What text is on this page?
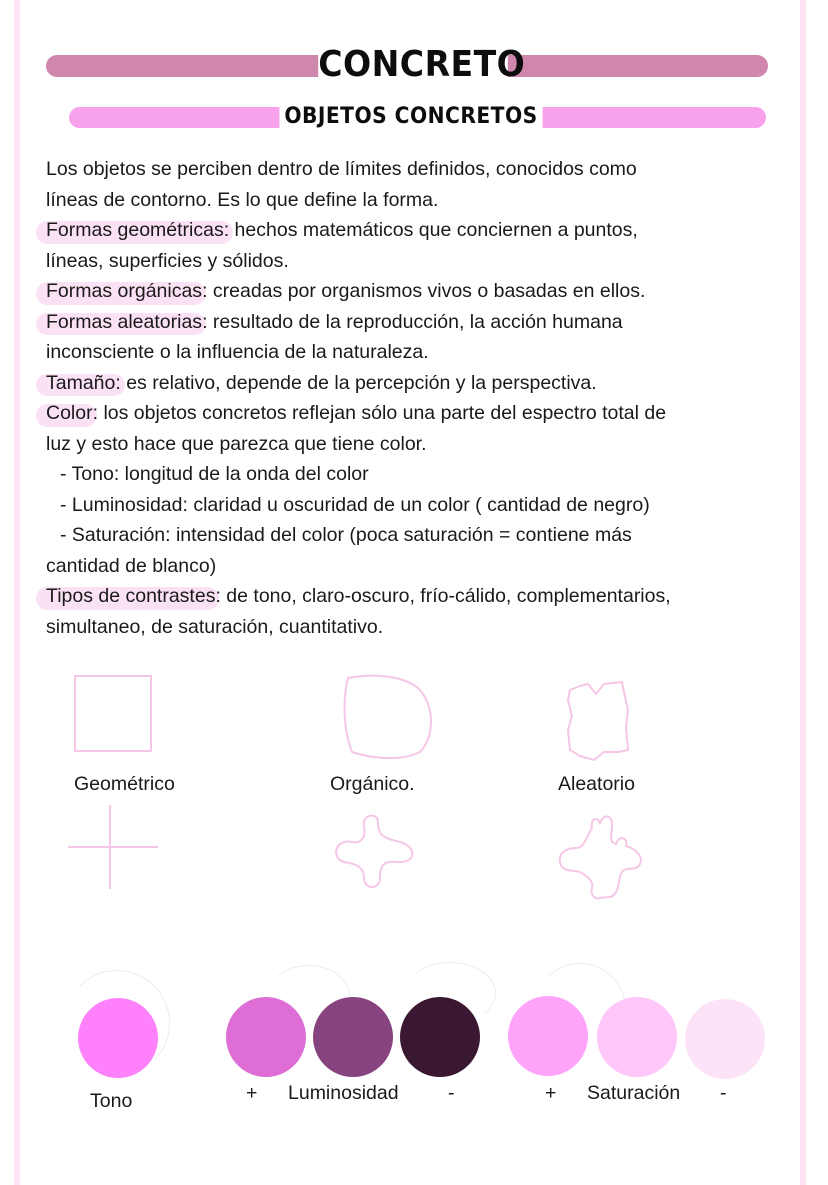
CONCRETO
OBJETOS CONCRETOS

Los objetos se perciben dentro de límites definidos, conocidos como

líneas de contorno. Es lo que define la forma.

Formas geométricas: hechos matemáticos que conciernen a puntos,

líneas, superficies y sólidos.

Formas orgánicas: creadas por organismos vivos o basadas en ellos.

Formas aleatorias: resultado de la reproducción, la acción humana

inconsciente o la influencia de la naturaleza.

Tamaño: es relativo, depende de la percepción y la perspectiva.

Color: los objetos concretos reflejan sólo una parte del espectro total de

luz y esto hace que parezca que tiene color.

- Tono: longitud de la onda del color

- Luminosidad: claridad u oscuridad de un color ( cantidad de negro)

- Saturación: intensidad del color (poca saturación = contiene más

cantidad de blanco)

Tipos de contrastes: de tono, claro-oscuro, frío-cálido, complementarios,

simultaneo, de saturación, cuantitativo.

Geométrico	Orgánico.	Aleatorio
Tono	+ Luminosidad	-	+ Saturación -
